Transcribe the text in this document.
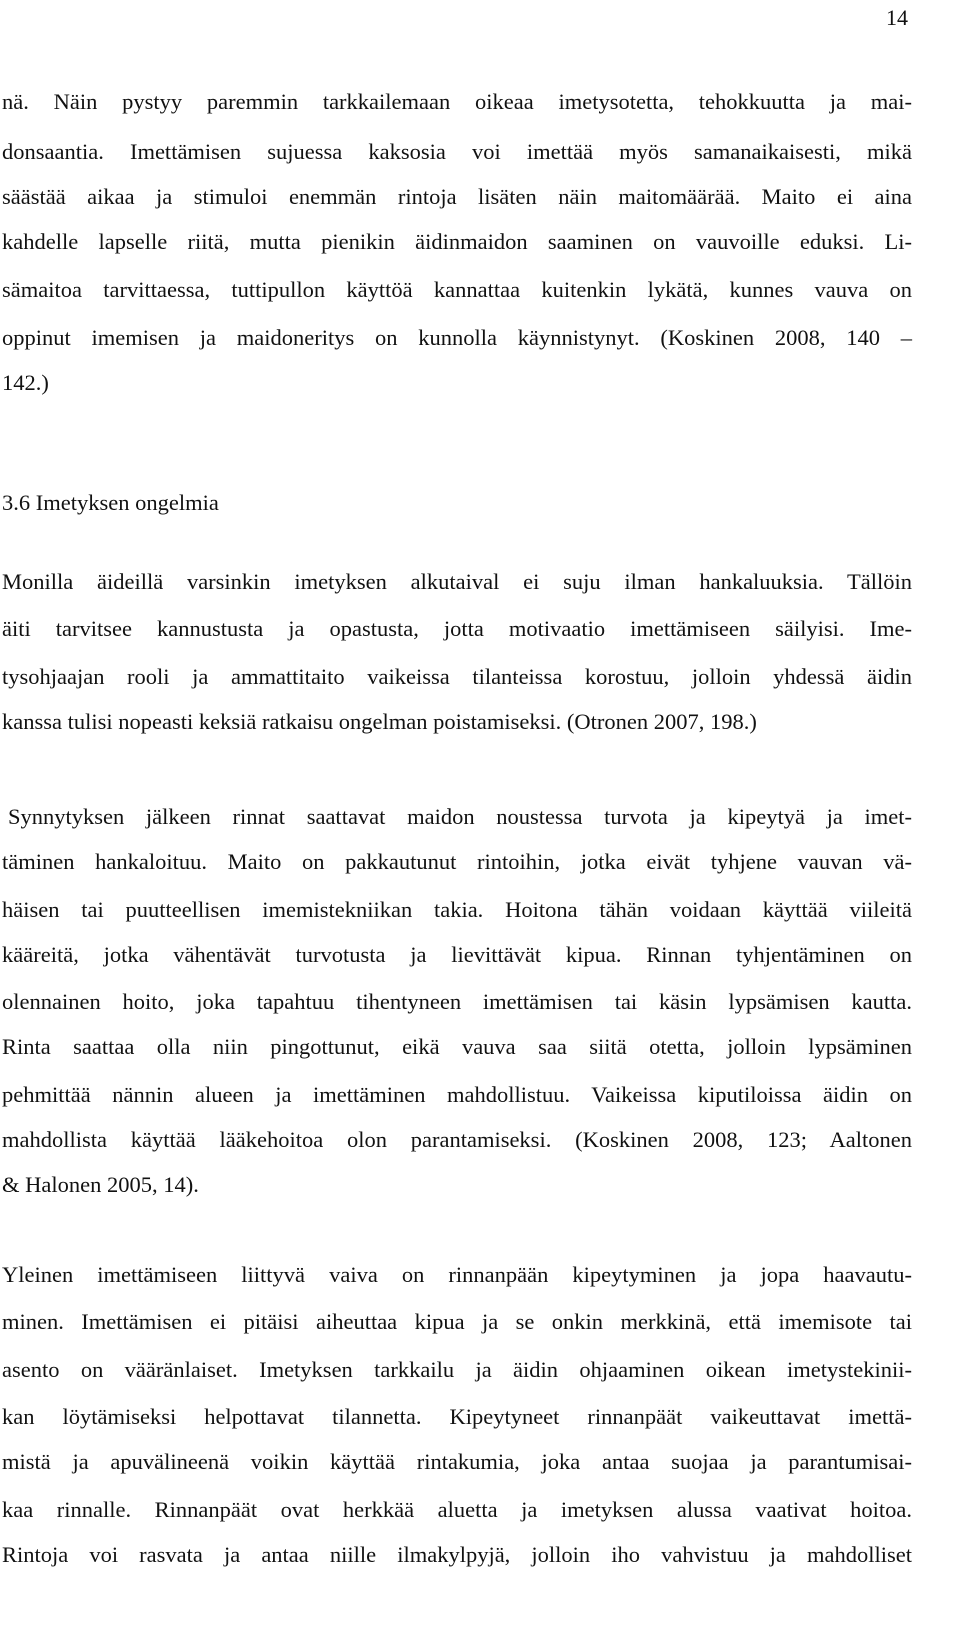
14
nä. Näin pystyy paremmin tarkkailemaan oikeaa imetysotetta, tehokkuutta ja mai-
donsaantia. Imettämisen sujuessa kaksosia voi imettää myös samanaikaisesti, mikä
säästää aikaa ja stimuloi enemmän rintoja lisäten näin maitomäärää. Maito ei aina
kahdelle lapselle riitä, mutta pienikin äidinmaidon saaminen on vauvoille eduksi. Li-
sämaitoa tarvittaessa, tuttipullon käyttöä kannattaa kuitenkin lykätä, kunnes vauva on
oppinut imemisen ja maidoneritys on kunnolla käynnistynyt. (Koskinen 2008, 140 –
142.)
3.6 Imetyksen ongelmia
Monilla äideillä varsinkin imetyksen alkutaival ei suju ilman hankaluuksia. Tällöin
äiti tarvitsee kannustusta ja opastusta, jotta motivaatio imettämiseen säilyisi. Ime-
tysohjaajan rooli ja ammattitaito vaikeissa tilanteissa korostuu, jolloin yhdessä äidin
kanssa tulisi nopeasti keksiä ratkaisu ongelman poistamiseksi. (Otronen 2007, 198.)
Synnytyksen jälkeen rinnat saattavat maidon noustessa turvota ja kipeytyä ja imet-
täminen hankaloituu. Maito on pakkautunut rintoihin, jotka eivät tyhjene vauvan vä-
häisen tai puutteellisen imemistekniikan takia. Hoitona tähän voidaan käyttää viileitä
kääreitä, jotka vähentävät turvotusta ja lievittävät kipua. Rinnan tyhjentäminen on
olennainen hoito, joka tapahtuu tihentyneen imettämisen tai käsin lypsämisen kautta.
Rinta saattaa olla niin pingottunut, eikä vauva saa siitä otetta, jolloin lypsäminen
pehmittää nännin alueen ja imettäminen mahdollistuu. Vaikeissa kiputiloissa äidin on
mahdollista käyttää lääkehoitoa olon parantamiseksi. (Koskinen 2008, 123; Aaltonen
& Halonen 2005, 14).
Yleinen imettämiseen liittyvä vaiva on rinnanpään kipeytyminen ja jopa haavautu-
minen. Imettämisen ei pitäisi aiheuttaa kipua ja se onkin merkkinä, että imemisote tai
asento on vääränlaiset. Imetyksen tarkkailu ja äidin ohjaaminen oikean imetystekinii-
kan löytämiseksi helpottavat tilannetta. Kipeytyneet rinnanpäät vaikeuttavat imettä-
mistä ja apuvälineenä voikin käyttää rintakumia, joka antaa suojaa ja parantumisai-
kaa rinnalle. Rinnanpäät ovat herkkää aluetta ja imetyksen alussa vaativat hoitoa.
Rintoja voi rasvata ja antaa niille ilmakylpyjä, jolloin iho vahvistuu ja mahdolliset
